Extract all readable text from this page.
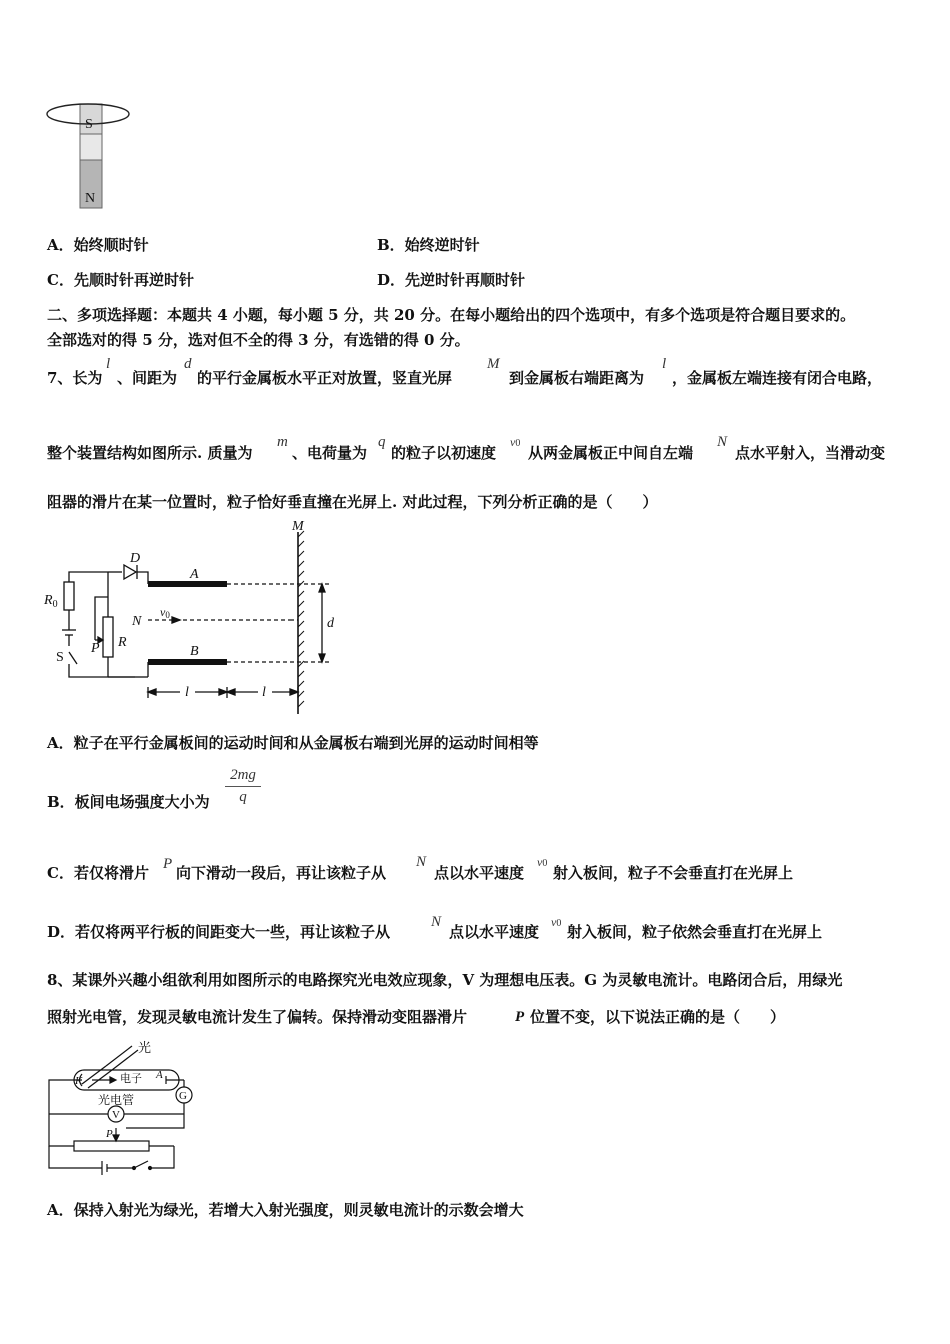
S
N
A．始终顺时针	B．始终逆时针
C．先顺时针再逆时针	D．先逆时针再顺时针
二、多项选择题：本题共 4 小题，每小题 5 分，共 20 分。在每小题给出的四个选项中，有多个选项是符合题目要求的。
全部选对的得 5 分，选对但不全的得 3 分，有选错的得 0 分。
7、长为
l
、间距为
d
的平行金属板水平正对放置，竖直光屏
M
到金属板右端距离为
l
，金属板左端连接有闭合电路，
整个装置结构如图所示. 质量为
m
、电荷量为
q
的粒子以初速度
v0
从两金属板正中间自左端
N
点水平射入，当滑动变
阻器的滑片在某一位置时，粒子恰好垂直撞在光屏上. 对此过程，下列分析正确的是（　　）
D
A
B
$R_0$
N
v0
P R
S
M
d
l	l
A．粒子在平行金属板间的运动时间和从金属板右端到光屏的运动时间相等
B．板间电场强度大小为 $\frac{2mg}{q}$
C．若仅将滑片 P 向下滑动一段后，再让该粒子从
N
点以水平速度
v0
射入板间，粒子不会垂直打在光屏上
D．若仅将两平行板的间距变大一些，再让该粒子从
N
点以水平速度
v0 射入板间，粒子依然会垂直打在光屏上
8、某课外兴趣小组欲利用如图所示的电路探究光电效应现象，V 为理想电压表。G 为灵敏电流计。电路闭合后，用绿光
照射光电管，发现灵敏电流计发生了偏转。保持滑动变阻器滑片	P 位置不变，以下说法正确的是（　　）
光
电子
光电管
K	A
G
V
P
A．保持入射光为绿光，若增大入射光强度，则灵敏电流计的示数会增大
